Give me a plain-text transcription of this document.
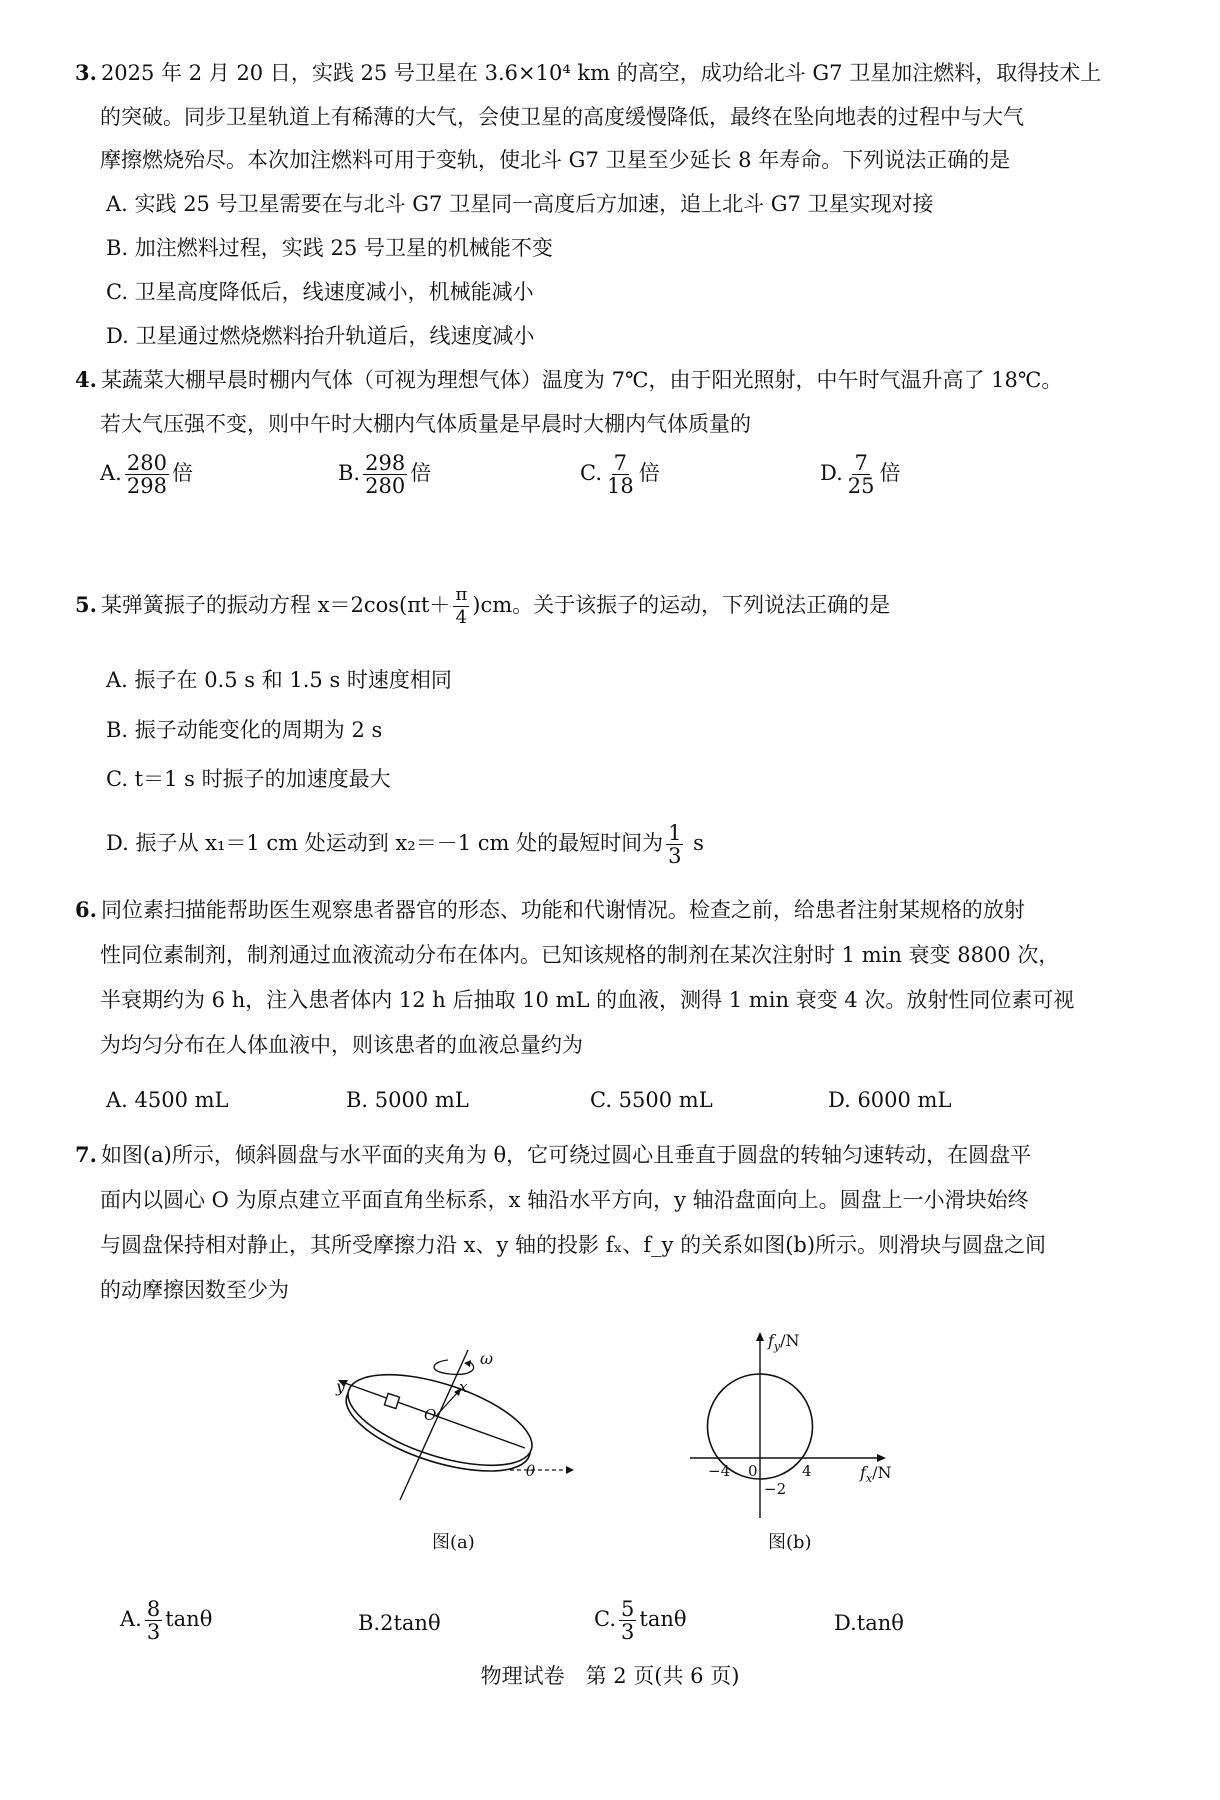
3. 2025 年 2 月 20 日，实践 25 号卫星在 3.6×10⁴ km 的高空，成功给北斗 G7 卫星加注燃料，取得技术上
的突破。同步卫星轨道上有稀薄的大气，会使卫星的高度缓慢降低，最终在坠向地表的过程中与大气
摩擦燃烧殆尽。本次加注燃料可用于变轨，使北斗 G7 卫星至少延长 8 年寿命。下列说法正确的是
A. 实践 25 号卫星需要在与北斗 G7 卫星同一高度后方加速，追上北斗 G7 卫星实现对接
B. 加注燃料过程，实践 25 号卫星的机械能不变
C. 卫星高度降低后，线速度减小，机械能减小
D. 卫星通过燃烧燃料抬升轨道后，线速度减小
4. 某蔬菜大棚早晨时棚内气体（可视为理想气体）温度为 7℃，由于阳光照射，中午时气温升高了 18℃。
若大气压强不变，则中午时大棚内气体质量是早晨时大棚内气体质量的
A. $\frac{280}{298}$ 倍	B. $\frac{298}{280}$ 倍	C. $\frac{7}{18}$ 倍	D. $\frac{7}{25}$ 倍
5. 某弹簧振子的振动方程 $x=2\cos(\pi t+ \frac{\pi}{4} )cm$。关于该振子的运动，下列说法正确的是
A. 振子在 0.5 s 和 1.5 s 时速度相同
B. 振子动能变化的周期为 2 s
C. t＝1 s 时振子的加速度最大
D. 振子从 x₁＝1 cm 处运动到 x₂＝－1 cm 处的最短时间为 $\frac{1}{3}$ s
6. 同位素扫描能帮助医生观察患者器官的形态、功能和代谢情况。检查之前，给患者注射某规格的放射
性同位素制剂，制剂通过血液流动分布在体内。已知该规格的制剂在某次注射时 1 min 衰变 8800 次，
半衰期约为 6 h，注入患者体内 12 h 后抽取 10 mL 的血液，测得 1 min 衰变 4 次。放射性同位素可视
为均匀分布在人体血液中，则该患者的血液总量约为
A. 4500 mL	B. 5000 mL	C. 5500 mL	D. 6000 mL
7. 如图(a)所示，倾斜圆盘与水平面的夹角为 θ，它可绕过圆心且垂直于圆盘的转轴匀速转动，在圆盘平
面内以圆心 O 为原点建立平面直角坐标系，x 轴沿水平方向，y 轴沿盘面向上。圆盘上一小滑块始终
与圆盘保持相对静止，其所受摩擦力沿 x、y 轴的投影 fₓ、f_y 的关系如图(b)所示。则滑块与圆盘之间
的动摩擦因数至少为
y	x
O
ω
θ
图(a)
−4 0	4
−2
$f_y/N$
$f_x/N$
图(b)
A. $\frac{8}{3}$ tanθ	B.2tanθ	C. $\frac{5}{3}$ tanθ	D.tanθ
物理试卷　第 2 页(共 6 页)
